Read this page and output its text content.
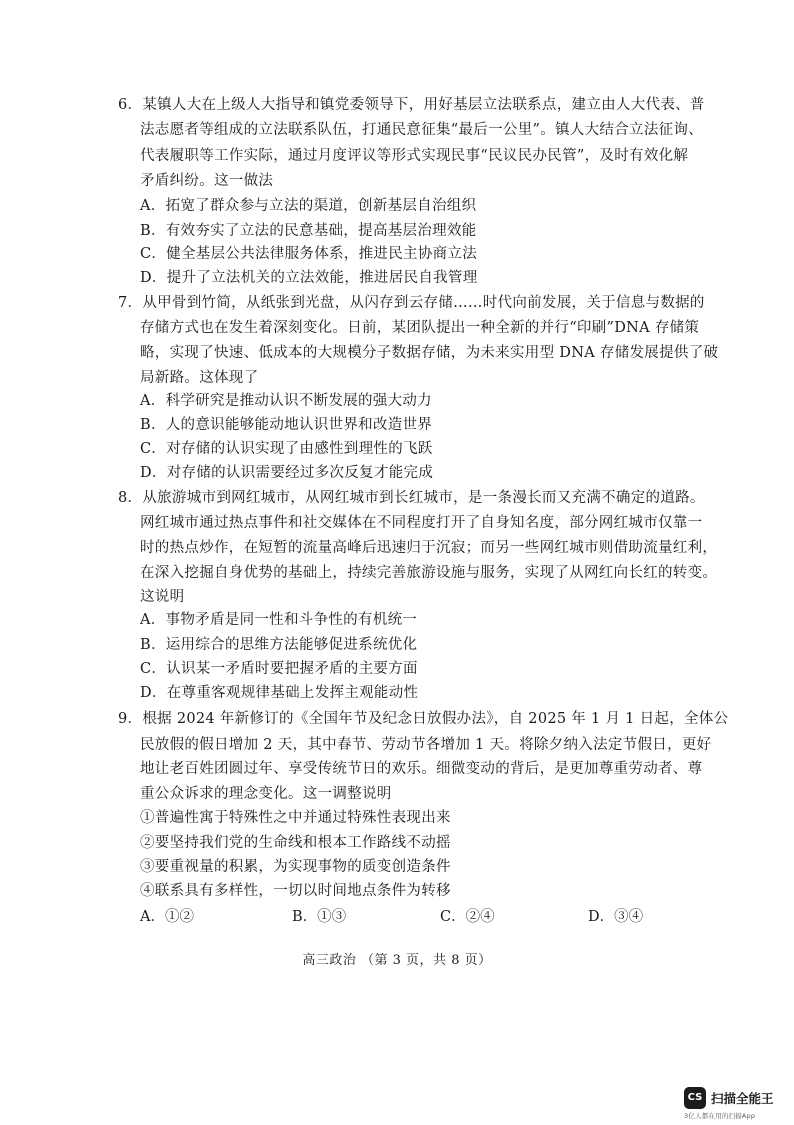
6．某镇人大在上级人大指导和镇党委领导下，用好基层立法联系点，建立由人大代表、普
法志愿者等组成的立法联系队伍，打通民意征集“最后一公里”。镇人大结合立法征询、
代表履职等工作实际，通过月度评议等形式实现民事“民议民办民管”，及时有效化解
矛盾纠纷。这一做法
A．拓宽了群众参与立法的渠道，创新基层自治组织
B．有效夯实了立法的民意基础，提高基层治理效能
C．健全基层公共法律服务体系，推进民主协商立法
D．提升了立法机关的立法效能，推进居民自我管理
7．从甲骨到竹简，从纸张到光盘，从闪存到云存储……时代向前发展，关于信息与数据的
存储方式也在发生着深刻变化。日前，某团队提出一种全新的并行“印刷”DNA 存储策
略，实现了快速、低成本的大规模分子数据存储，为未来实用型 DNA 存储发展提供了破
局新路。这体现了
A．科学研究是推动认识不断发展的强大动力
B．人的意识能够能动地认识世界和改造世界
C．对存储的认识实现了由感性到理性的飞跃
D．对存储的认识需要经过多次反复才能完成
8．从旅游城市到网红城市，从网红城市到长红城市，是一条漫长而又充满不确定的道路。
网红城市通过热点事件和社交媒体在不同程度打开了自身知名度，部分网红城市仅靠一
时的热点炒作，在短暂的流量高峰后迅速归于沉寂；而另一些网红城市则借助流量红利，
在深入挖掘自身优势的基础上，持续完善旅游设施与服务，实现了从网红向长红的转变。
这说明
A．事物矛盾是同一性和斗争性的有机统一
B．运用综合的思维方法能够促进系统优化
C．认识某一矛盾时要把握矛盾的主要方面
D．在尊重客观规律基础上发挥主观能动性
9．根据 2024 年新修订的《全国年节及纪念日放假办法》，自 2025 年 1 月 1 日起，全体公
民放假的假日增加 2 天，其中春节、劳动节各增加 1 天。将除夕纳入法定节假日，更好
地让老百姓团圆过年、享受传统节日的欢乐。细微变动的背后，是更加尊重劳动者、尊
重公众诉求的理念变化。这一调整说明
①普遍性寓于特殊性之中并通过特殊性表现出来
②要坚持我们党的生命线和根本工作路线不动摇
③要重视量的积累，为实现事物的质变创造条件
④联系具有多样性，一切以时间地点条件为转移
A．①②	B．①③	C．②④	D．③④
高三政治 （第 3 页，共 8 页）
CS 扫描全能王
3亿人都在用的扫描App
